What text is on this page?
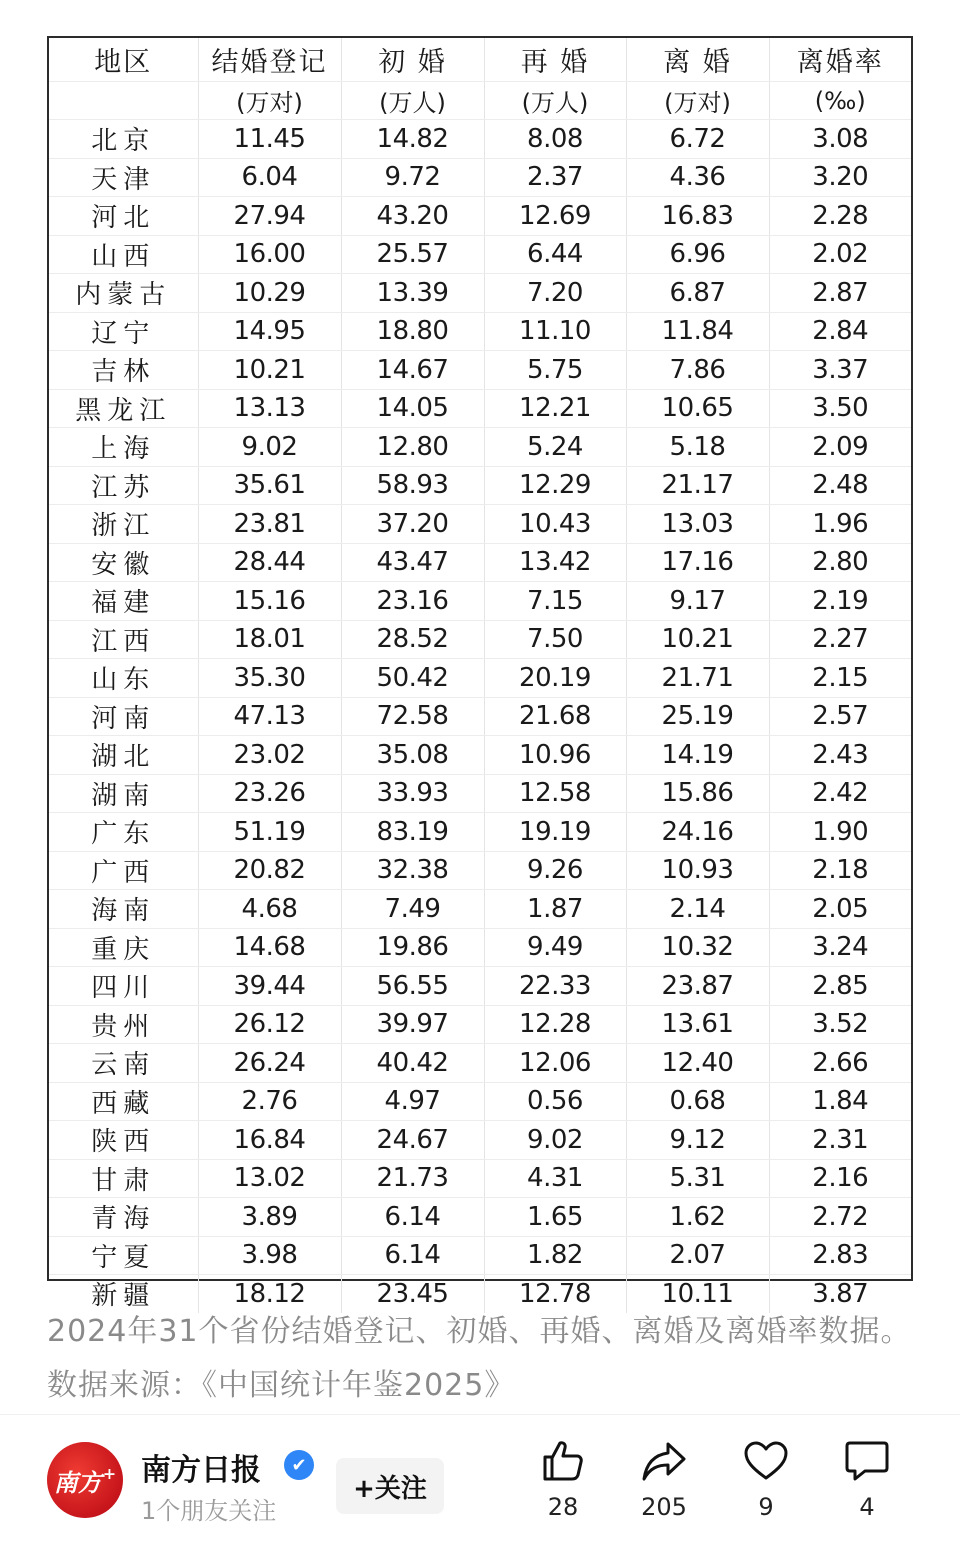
地区	结婚登记	初 婚	再 婚	离 婚	离婚率
	(万对)	(万人)	(万人)	(万对)	(‰)
北京	11.45	14.82	8.08	6.72	3.08
天津	6.04	9.72	2.37	4.36	3.20
河北	27.94	43.20	12.69	16.83	2.28
山西	16.00	25.57	6.44	6.96	2.02
内蒙古	10.29	13.39	7.20	6.87	2.87
辽宁	14.95	18.80	11.10	11.84	2.84
吉林	10.21	14.67	5.75	7.86	3.37
黑龙江	13.13	14.05	12.21	10.65	3.50
上海	9.02	12.80	5.24	5.18	2.09
江苏	35.61	58.93	12.29	21.17	2.48
浙江	23.81	37.20	10.43	13.03	1.96
安徽	28.44	43.47	13.42	17.16	2.80
福建	15.16	23.16	7.15	9.17	2.19
江西	18.01	28.52	7.50	10.21	2.27
山东	35.30	50.42	20.19	21.71	2.15
河南	47.13	72.58	21.68	25.19	2.57
湖北	23.02	35.08	10.96	14.19	2.43
湖南	23.26	33.93	12.58	15.86	2.42
广东	51.19	83.19	19.19	24.16	1.90
广西	20.82	32.38	9.26	10.93	2.18
海南	4.68	7.49	1.87	2.14	2.05
重庆	14.68	19.86	9.49	10.32	3.24
四川	39.44	56.55	22.33	23.87	2.85
贵州	26.12	39.97	12.28	13.61	3.52
云南	26.24	40.42	12.06	12.40	2.66
西藏	2.76	4.97	0.56	0.68	1.84
陕西	16.84	24.67	9.02	9.12	2.31
甘肃	13.02	21.73	4.31	5.31	2.16
青海	3.89	6.14	1.65	1.62	2.72
宁夏	3.98	6.14	1.82	2.07	2.83
新疆	18.12	23.45	12.78	10.11	3.87
2024年31个省份结婚登记、初婚、再婚、离婚及离婚率数据。数据来源：《中国统计年鉴2025》
南方 + 南方日报	✔
1个朋友关注
+关注
28	205	9	4
